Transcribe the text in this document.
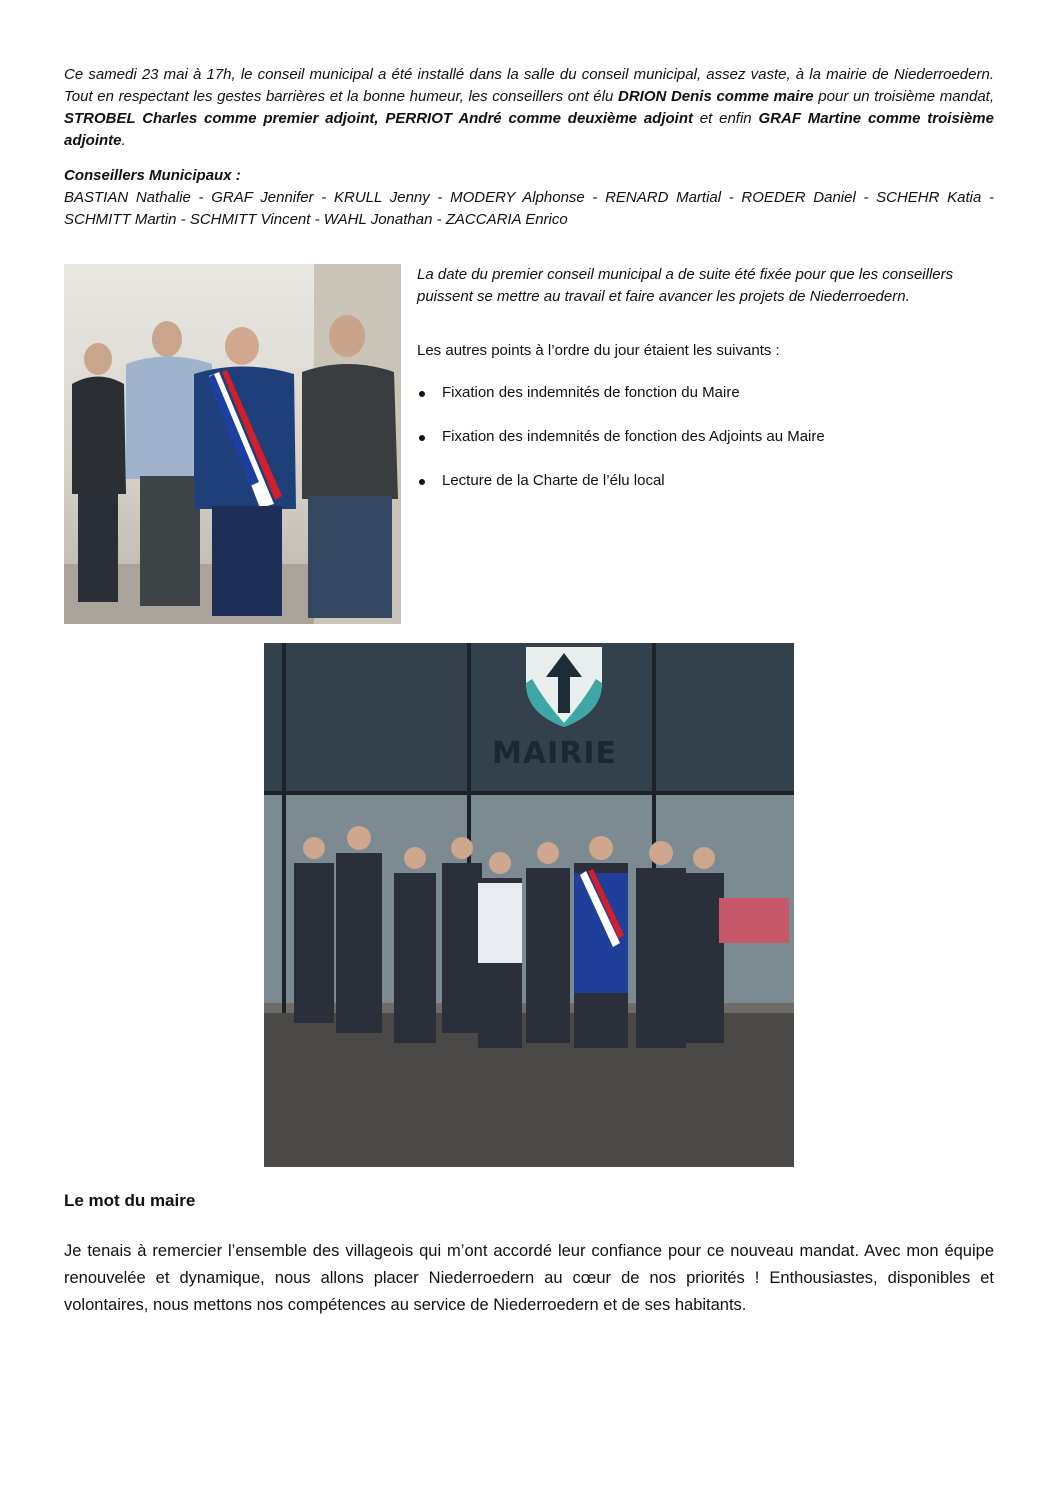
Ce samedi 23 mai à 17h, le conseil municipal a été installé dans la salle du conseil municipal, assez vaste, à la mairie de Niederroedern. Tout en respectant les gestes barrières et la bonne humeur, les conseillers ont élu DRION Denis comme maire pour un troisième mandat, STROBEL Charles comme premier adjoint, PERRIOT André comme deuxième adjoint et enfin GRAF Martine comme troisième adjointe.
Conseillers Municipaux :
BASTIAN Nathalie - GRAF Jennifer - KRULL Jenny - MODERY Alphonse - RENARD Martial - ROEDER Daniel - SCHEHR Katia - SCHMITT Martin - SCHMITT Vincent - WAHL Jonathan - ZACCARIA Enrico
La date du premier conseil municipal a de suite été fixée pour que les conseillers puissent se mettre au travail et faire avancer les projets de Niederroedern.
Les autres points à l’ordre du jour étaient les suivants :
Fixation des indemnités de fonction du Maire
Fixation des indemnités de fonction des Adjoints au Maire
Lecture de la Charte de l’élu local
MAIRIE
Le mot du maire
Je tenais à remercier l’ensemble des villageois qui m’ont accordé leur confiance pour ce nouveau mandat. Avec mon équipe renouvelée et dynamique, nous allons placer Niederroedern au cœur de nos priorités ! Enthousiastes, disponibles et volontaires, nous mettons nos compétences au service de Niederroedern et de ses habitants.
